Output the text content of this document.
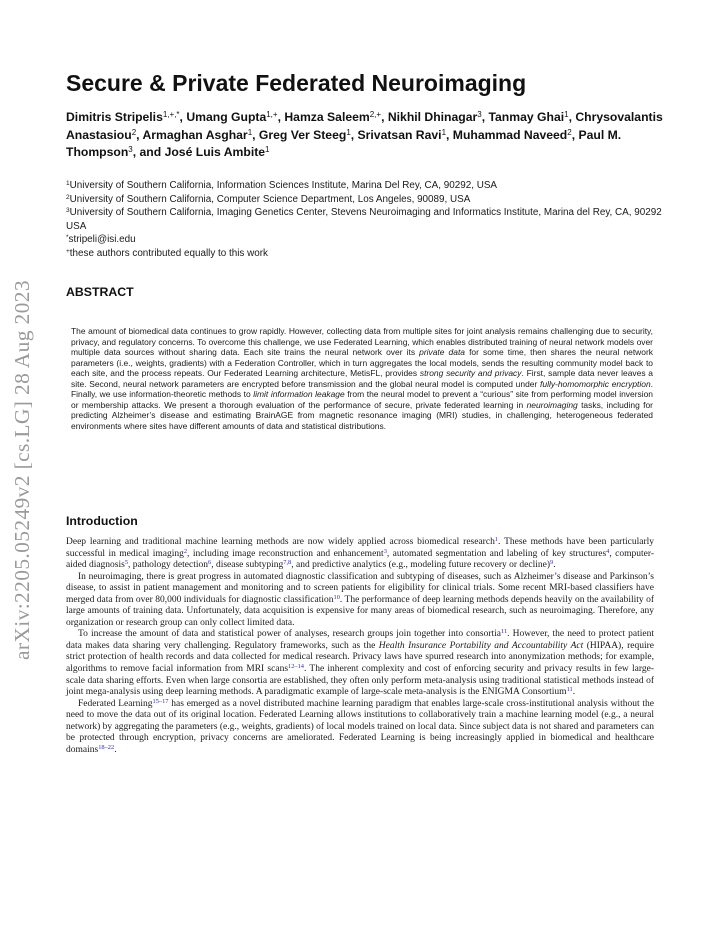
arXiv:2205.05249v2 [cs.LG] 28 Aug 2023
Secure & Private Federated Neuroimaging
Dimitris Stripelis$^{1,+,*}$, Umang Gupta$^{1,+}$, Hamza Saleem$^{2,+}$, Nikhil Dhinagar$^3$, Tanmay Ghai$^1$, Chrysovalantis Anastasiou$^2$, Armaghan Asghar$^1$, Greg Ver Steeg$^1$, Srivatsan Ravi$^1$, Muhammad Naveed$^2$, Paul M. Thompson$^3$, and José Luis Ambite$^1$
$^1$University of Southern California, Information Sciences Institute, Marina Del Rey, CA, 90292, USA
$^2$University of Southern California, Computer Science Department, Los Angeles, 90089, USA
$^3$University of Southern California, Imaging Genetics Center, Stevens Neuroimaging and Informatics Institute, Marina del Rey, CA, 90292 USA
*stripeli@isi.edu
+these authors contributed equally to this work
ABSTRACT

The amount of biomedical data continues to grow rapidly. However, collecting data from multiple sites for joint analysis remains challenging due to security, privacy, and regulatory concerns. To overcome this challenge, we use Federated Learning, which enables distributed training of neural network models over multiple data sources without sharing data. Each site trains the neural network over its private data for some time, then shares the neural network parameters (i.e., weights, gradients) with a Federation Controller, which in turn aggregates the local models, sends the resulting community model back to each site, and the process repeats. Our Federated Learning architecture, MetisFL, provides strong security and privacy. First, sample data never leaves a site. Second, neural network parameters are encrypted before transmission and the global neural model is computed under fully-homomorphic encryption. Finally, we use information-theoretic methods to limit information leakage from the neural model to prevent a “curious” site from performing model inversion or membership attacks. We present a thorough evaluation of the performance of secure, private federated learning in neuroimaging tasks, including for predicting Alzheimer’s disease and estimating BrainAGE from magnetic resonance imaging (MRI) studies, in challenging, heterogeneous federated environments where sites have different amounts of data and statistical distributions.

Introduction

Deep learning and traditional machine learning methods are now widely applied across biomedical research$^1$. These methods have been particularly successful in medical imaging$^2$, including image reconstruction and enhancement$^3$, automated segmentation and labeling of key structures$^4$, computer-aided diagnosis$^5$, pathology detection$^6$, disease subtyping$^{7,8}$, and predictive analytics (e.g., modeling future recovery or decline)$^9$.

In neuroimaging, there is great progress in automated diagnostic classification and subtyping of diseases, such as Alzheimer’s disease and Parkinson’s disease, to assist in patient management and monitoring and to screen patients for eligibility for clinical trials. Some recent MRI-based classifiers have merged data from over 80,000 individuals for diagnostic classification$^{10}$. The performance of deep learning methods depends heavily on the availability of large amounts of training data. Unfortunately, data acquisition is expensive for many areas of biomedical research, such as neuroimaging. Therefore, any organization or research group can only collect limited data.

To increase the amount of data and statistical power of analyses, research groups join together into consortia$^{11}$. However, the need to protect patient data makes data sharing very challenging. Regulatory frameworks, such as the Health Insurance Portability and Accountability Act (HIPAA), require strict protection of health records and data collected for medical research. Privacy laws have spurred research into anonymization methods; for example, algorithms to remove facial information from MRI scans$^{12-14}$. The inherent complexity and cost of enforcing security and privacy results in few large-scale data sharing efforts. Even when large consortia are established, they often only perform meta-analysis using traditional statistical methods instead of joint mega-analysis using deep learning methods. A paradigmatic example of large-scale meta-analysis is the ENIGMA Consortium$^{11}$.

Federated Learning$^{15-17}$ has emerged as a novel distributed machine learning paradigm that enables large-scale cross-institutional analysis without the need to move the data out of its original location. Federated Learning allows institutions to collaboratively train a machine learning model (e.g., a neural network) by aggregating the parameters (e.g., weights, gradients) of local models trained on local data. Since subject data is not shared and parameters can be protected through encryption, privacy concerns are ameliorated. Federated Learning is being increasingly applied in biomedical and healthcare domains$^{18-22}$.
